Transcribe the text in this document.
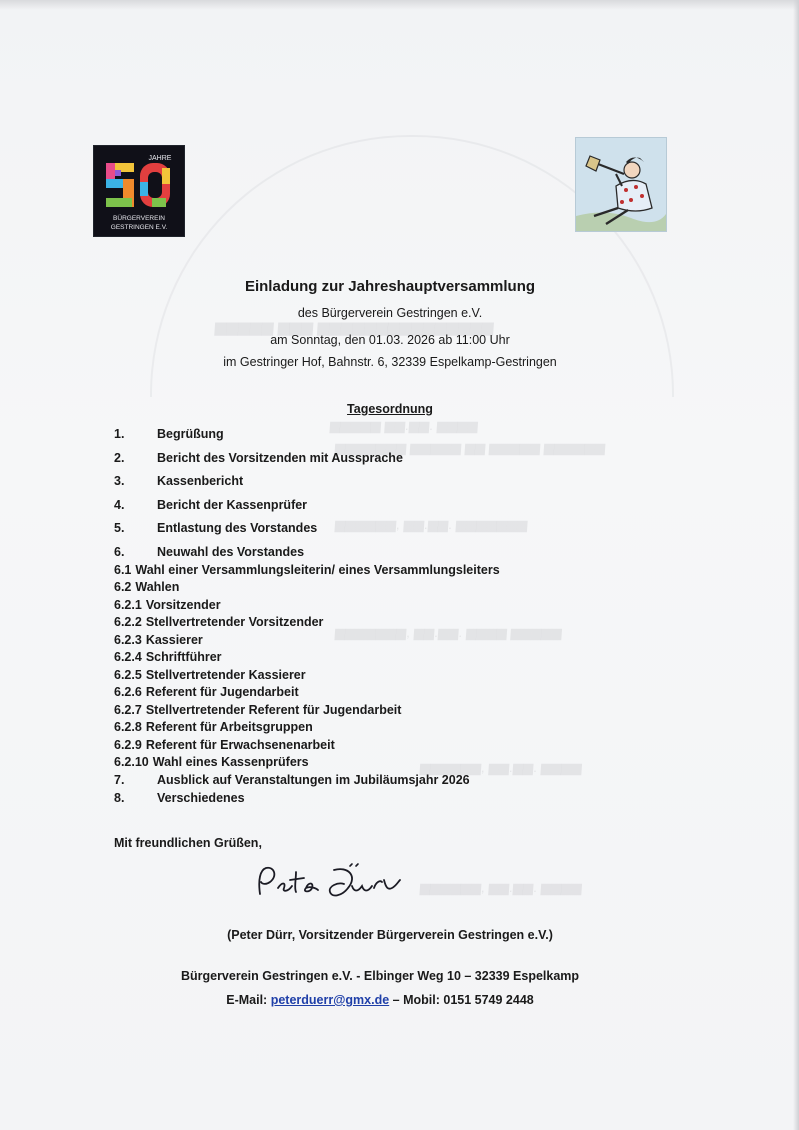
▆▆▆▆▆ ▆▆▆ ▆▆▆▆▆▆▆▆▆▆▆▆▆▆▆
▆▆▆▆▆ ▆▆.▆▆. ▆▆▆▆
▆▆▆▆▆▆▆ ▆▆▆▆▆ ▆▆ ▆▆▆▆▆ ▆▆▆▆▆▆
▆▆▆▆▆▆, ▆▆.▆▆. ▆▆▆▆▆▆▆
▆▆▆▆▆▆▆, ▆▆.▆▆. ▆▆▆▆ ▆▆▆▆▆
▆▆▆▆▆▆, ▆▆.▆▆. ▆▆▆▆
▆▆▆▆▆▆, ▆▆.▆▆. ▆▆▆▆
JAHRE
BÜRGERVEREIN
GESTRINGEN E.V.
Einladung zur Jahreshauptversammlung
des Bürgerverein Gestringen e.V.
am Sonntag, den 01.03. 2026 ab 11:00 Uhr
im Gestringer Hof, Bahnstr. 6, 32339 Espelkamp-Gestringen
Tagesordnung
1.	Begrüßung
2.	Bericht des Vorsitzenden mit Aussprache
3.	Kassenbericht
4.	Bericht der Kassenprüfer
5.	Entlastung des Vorstandes
6.	Neuwahl des Vorstandes
6.1 Wahl einer Versammlungsleiterin/ eines Versammlungsleiters
6.2 Wahlen
6.2.1 Vorsitzender
6.2.2 Stellvertretender Vorsitzender
6.2.3 Kassierer
6.2.4 Schriftführer
6.2.5 Stellvertretender Kassierer
6.2.6 Referent für Jugendarbeit
6.2.7 Stellvertretender Referent für Jugendarbeit
6.2.8 Referent für Arbeitsgruppen
6.2.9 Referent für Erwachsenenarbeit
6.2.10 Wahl eines Kassenprüfers
7.	Ausblick auf Veranstaltungen im Jubiläumsjahr 2026
8.	Verschiedenes
Mit freundlichen Grüßen,
(Peter Dürr, Vorsitzender Bürgerverein Gestringen e.V.)
Bürgerverein Gestringen e.V. - Elbinger Weg 10 – 32339 Espelkamp
E-Mail: peterduerr@gmx.de – Mobil: 0151 5749 2448
